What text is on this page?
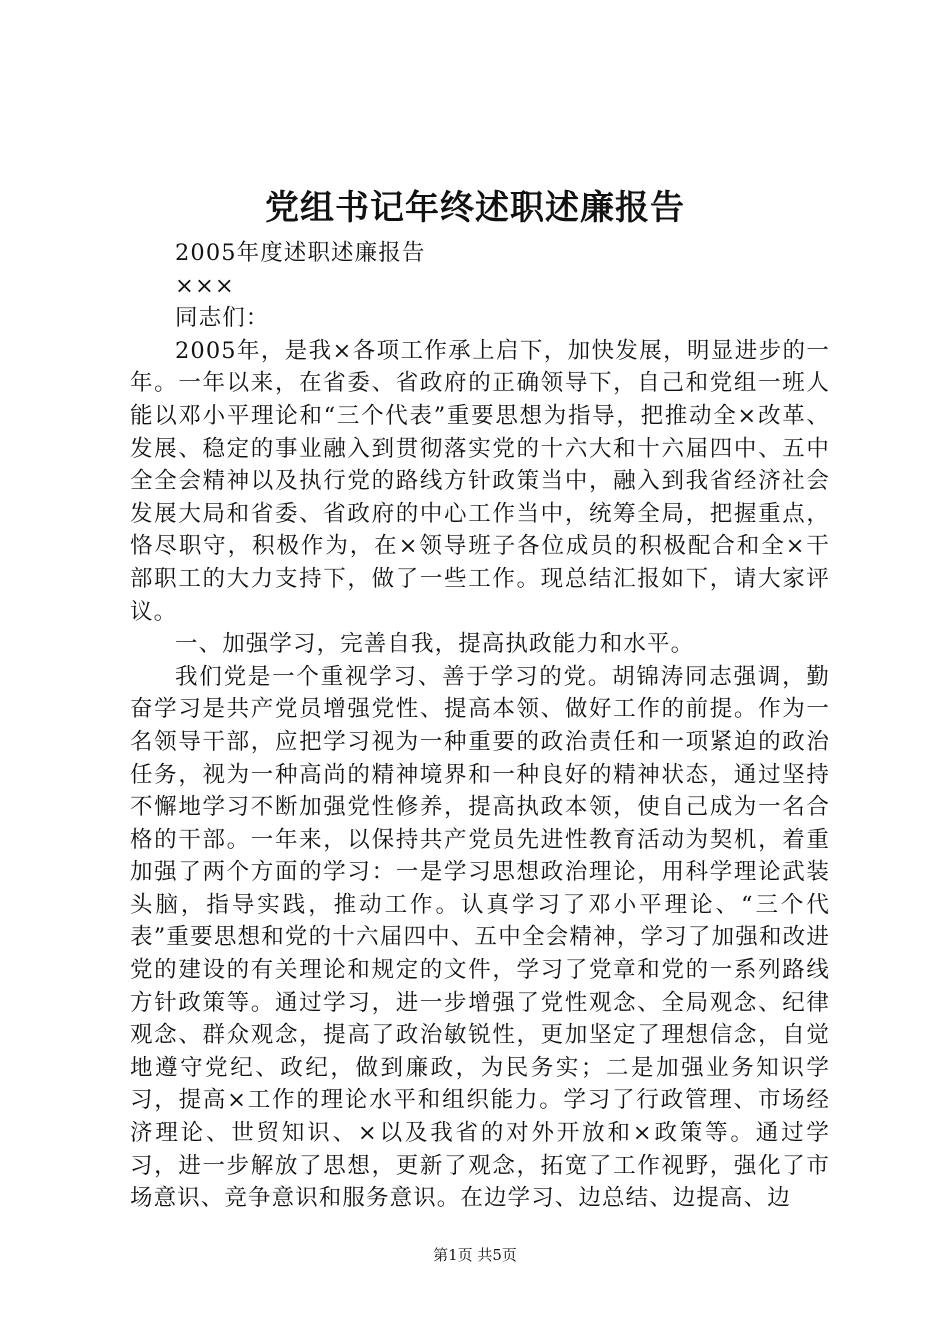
党组书记年终述职述廉报告

2005年度述职述廉报告

×××

同志们：

2005年，是我×各项工作承上启下，加快发展，明显进步的一年。一年以来，在省委、省政府的正确领导下，自己和党组一班人能以邓小平理论和“三个代表”重要思想为指导，把推动全×改革、发展、稳定的事业融入到贯彻落实党的十六大和十六届四中、五中全全会精神以及执行党的路线方针政策当中，融入到我省经济社会发展大局和省委、省政府的中心工作当中，统筹全局，把握重点，恪尽职守，积极作为，在×领导班子各位成员的积极配合和全×干部职工的大力支持下，做了一些工作。现总结汇报如下，请大家评议。

一、加强学习，完善自我，提高执政能力和水平。

我们党是一个重视学习、善于学习的党。胡锦涛同志强调，勤奋学习是共产党员增强党性、提高本领、做好工作的前提。作为一名领导干部，应把学习视为一种重要的政治责任和一项紧迫的政治任务，视为一种高尚的精神境界和一种良好的精神状态，通过坚持不懈地学习不断加强党性修养，提高执政本领，使自己成为一名合格的干部。一年来，以保持共产党员先进性教育活动为契机，着重加强了两个方面的学习：一是学习思想政治理论，用科学理论武装头脑，指导实践，推动工作。认真学习了邓小平理论、“三个代表”重要思想和党的十六届四中、五中全会精神，学习了加强和改进党的建设的有关理论和规定的文件，学习了党章和党的一系列路线方针政策等。通过学习，进一步增强了党性观念、全局观念、纪律观念、群众观念，提高了政治敏锐性，更加坚定了理想信念，自觉地遵守党纪、政纪，做到廉政，为民务实；二是加强业务知识学习，提高×工作的理论水平和组织能力。学习了行政管理、市场经济理论、世贸知识、×以及我省的对外开放和×政策等。通过学习，进一步解放了思想，更新了观念，拓宽了工作视野，强化了市场意识、竞争意识和服务意识。在边学习、边总结、边提高、边

第1页 共5页
